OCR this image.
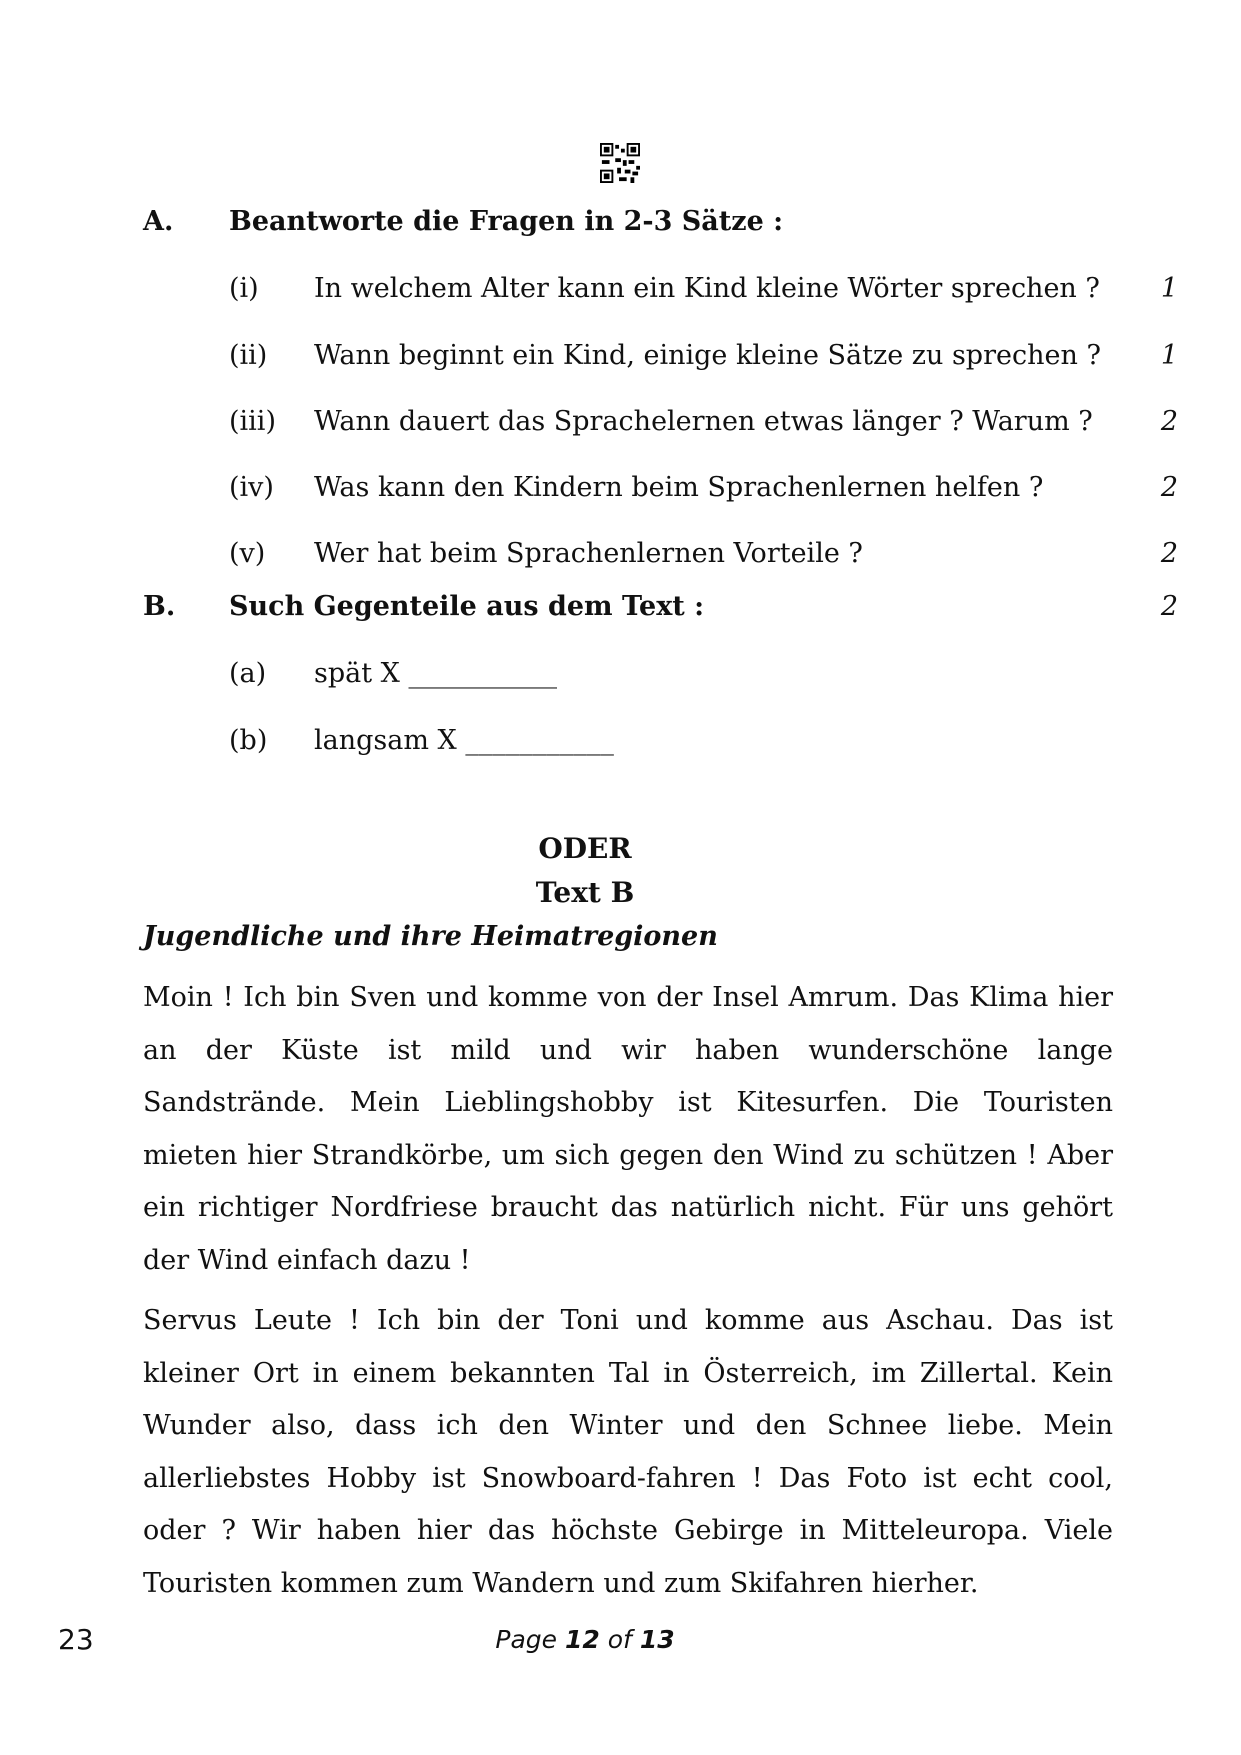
A. Beantworte die Fragen in 2-3 Sätze :
(i) In welchem Alter kann ein Kind kleine Wörter sprechen ?	1
(ii) Wann beginnt ein Kind, einige kleine Sätze zu sprechen ?	1
(iii) Wann dauert das Sprachelernen etwas länger ? Warum ?	2
(iv) Was kann den Kindern beim Sprachenlernen helfen ?	2
(v) Wer hat beim Sprachenlernen Vorteile ?	2
B. Such Gegenteile aus dem Text :	2
(a) spät X ___________
(b) langsam X ___________
ODER
Text B
Jugendliche und ihre Heimatregionen

Moin ! Ich bin Sven und komme von der Insel Amrum. Das Klima hier an der Küste ist mild und wir haben wunderschöne lange Sandstrände. Mein Lieblingshobby ist Kitesurfen. Die Touristen mieten hier Strandkörbe, um sich gegen den Wind zu schützen ! Aber ein richtiger Nordfriese braucht das natürlich nicht. Für uns gehört der Wind einfach dazu !

Servus Leute ! Ich bin der Toni und komme aus Aschau. Das ist kleiner Ort in einem bekannten Tal in Österreich, im Zillertal. Kein Wunder also, dass ich den Winter und den Schnee liebe. Mein allerliebstes Hobby ist Snowboard-fahren ! Das Foto ist echt cool, oder ? Wir haben hier das höchste Gebirge in Mitteleuropa. Viele Touristen kommen zum Wandern und zum Skifahren hierher.

23	Page 12 of 13
